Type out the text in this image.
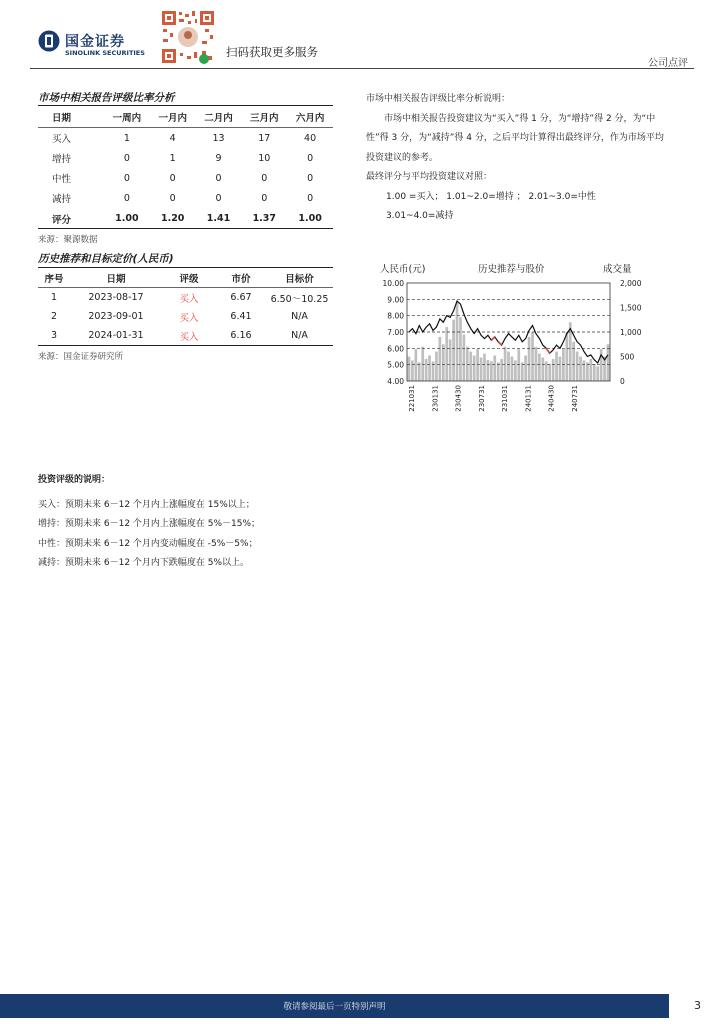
国金证券
SINOLINK SECURITIES	扫码获取更多服务
公司点评
市场中相关报告评级比率分析
日期	一周内	一月内	二月内	三月内	六月内
买入	1	4	13	17	40
增持	0	1	9	10	0
中性	0	0	0	0	0
减持	0	0	0	0	0
评分	1.00	1.20	1.41	1.37	1.00
来源：聚源数据
历史推荐和目标定价(人民币)
序号	日期	评级	市价	目标价
1	2023-08-17	买入	6.67	6.50～10.25
2	2023-09-01	买入	6.41	N/A
3	2024-01-31	买入	6.16	N/A
来源：国金证券研究所

市场中相关报告评级比率分析说明：

市场中相关报告投资建议为“买入”得 1 分，为“增持”得 2 分，为“中性”得 3 分，为“减持”得 4 分，之后平均计算得出最终评分，作为市场平均投资建议的参考。

最终评分与平均投资建议对照：

1.00 =买入； 1.01~2.0=增持 ； 2.01~3.0=中性

3.01~4.0=减持

10.00
9.00
8.00
7.00
6.00
5.00
4.00
2,000
1,500
1,000
500
0
221031 230131 230430 230731 231031 240131 240430 240731
人民币(元)	历史推荐与股价	成交量
投资评级的说明：
买入：预期未来 6－12 个月内上涨幅度在 15%以上；
增持：预期未来 6－12 个月内上涨幅度在 5%－15%；
中性：预期未来 6－12 个月内变动幅度在 -5%－5%；
减持：预期未来 6－12 个月内下跌幅度在 5%以上。
敬请参阅最后一页特别声明	3
